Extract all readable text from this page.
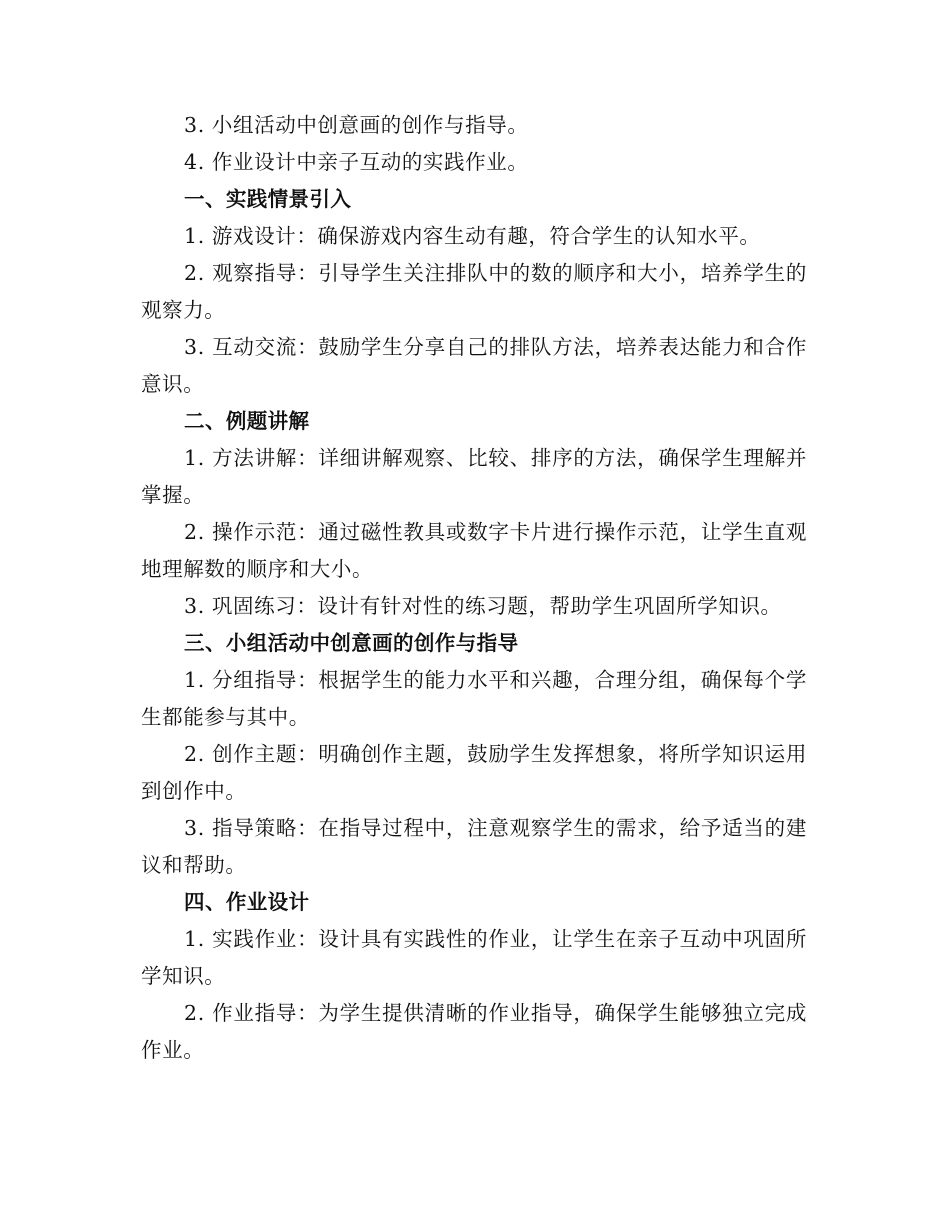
3. 小组活动中创意画的创作与指导。

4. 作业设计中亲子互动的实践作业。

一、实践情景引入

1. 游戏设计：确保游戏内容生动有趣，符合学生的认知水平。

2. 观察指导：引导学生关注排队中的数的顺序和大小，培养学生的观察力。

3. 互动交流：鼓励学生分享自己的排队方法，培养表达能力和合作意识。

二、例题讲解

1. 方法讲解：详细讲解观察、比较、排序的方法，确保学生理解并掌握。

2. 操作示范：通过磁性教具或数字卡片进行操作示范，让学生直观地理解数的顺序和大小。

3. 巩固练习：设计有针对性的练习题，帮助学生巩固所学知识。

三、小组活动中创意画的创作与指导

1. 分组指导：根据学生的能力水平和兴趣，合理分组，确保每个学生都能参与其中。

2. 创作主题：明确创作主题，鼓励学生发挥想象，将所学知识运用到创作中。

3. 指导策略：在指导过程中，注意观察学生的需求，给予适当的建议和帮助。

四、作业设计

1. 实践作业：设计具有实践性的作业，让学生在亲子互动中巩固所学知识。

2. 作业指导：为学生提供清晰的作业指导，确保学生能够独立完成作业。
